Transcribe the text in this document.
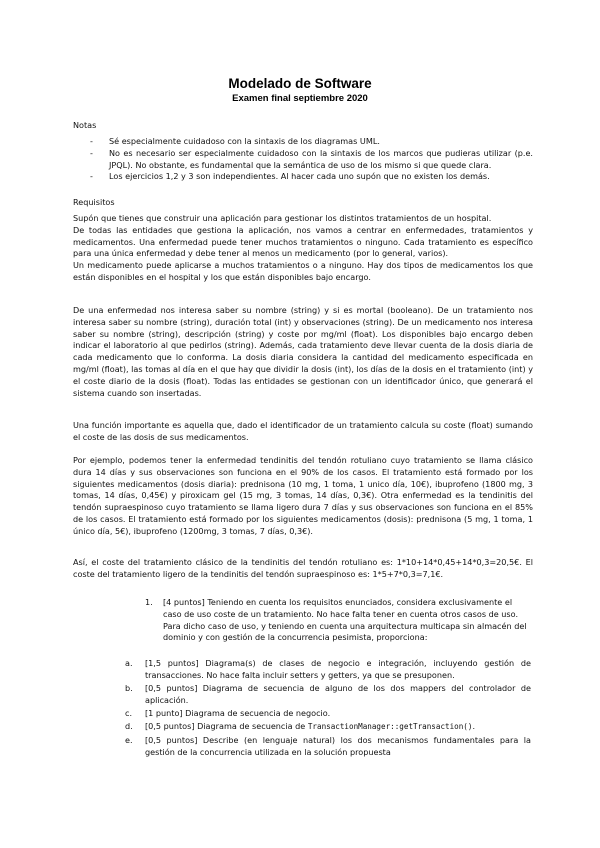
Modelado de Software
Examen final septiembre 2020
Notas
- Sé especialmente cuidadoso con la sintaxis de los diagramas UML.
- No es necesario ser especialmente cuidadoso con la sintaxis de los marcos que pudieras utilizar (p.e. JPQL). No obstante, es fundamental que la semántica de uso de los mismo si que quede clara.
- Los ejercicios 1,2 y 3 son independientes. Al hacer cada uno supón que no existen los demás.
Requisitos

Supón que tienes que construir una aplicación para gestionar los distintos tratamientos de un hospital.

De todas las entidades que gestiona la aplicación, nos vamos a centrar en enfermedades, tratamientos y medicamentos. Una enfermedad puede tener muchos tratamientos o ninguno. Cada tratamiento es específico para una única enfermedad y debe tener al menos un medicamento (por lo general, varios).

Un medicamento puede aplicarse a muchos tratamientos o a ninguno. Hay dos tipos de medicamentos los que están disponibles en el hospital y los que están disponibles bajo encargo.

De una enfermedad nos interesa saber su nombre (string) y si es mortal (booleano). De un tratamiento nos interesa saber su nombre (string), duración total (int) y observaciones (string). De un medicamento nos interesa saber su nombre (string), descripción (string) y coste por mg/ml (float). Los disponibles bajo encargo deben indicar el laboratorio al que pedirlos (string). Además, cada tratamiento deve llevar cuenta de la dosis diaria de cada medicamento que lo conforma. La dosis diaria considera la cantidad del medicamento especificada en mg/ml (float), las tomas al día en el que hay que dividir la dosis (int), los días de la dosis en el tratamiento (int) y el coste diario de la dosis (float). Todas las entidades se gestionan con un identificador único, que generará el sistema cuando son insertadas.

Una función importante es aquella que, dado el identificador de un tratamiento calcula su coste (float) sumando el coste de las dosis de sus medicamentos.

Por ejemplo, podemos tener la enfermedad tendinitis del tendón rotuliano cuyo tratamiento se llama clásico dura 14 días y sus observaciones son funciona en el 90% de los casos. El tratamiento está formado por los siguientes medicamentos (dosis diaria): prednisona (10 mg, 1 toma, 1 unico día, 10€), ibuprofeno (1800 mg, 3 tomas, 14 días, 0,45€) y piroxicam gel (15 mg, 3 tomas, 14 días, 0,3€). Otra enfermedad es la tendinitis del tendón supraespinoso cuyo tratamiento se llama ligero dura 7 días y sus observaciones son funciona en el 85% de los casos. El tratamiento está formado por los siguientes medicamentos (dosis): prednisona (5 mg, 1 toma, 1 único día, 5€), ibuprofeno (1200mg, 3 tomas, 7 días, 0,3€).

Así, el coste del tratamiento clásico de la tendinitis del tendón rotuliano es: 1*10+14*0,45+14*0,3=20,5€. El coste del tratamiento ligero de la tendinitis del tendón supraespinoso es: 1*5+7*0,3=7,1€.

1. [4 puntos] Teniendo en cuenta los requisitos enunciados, considera exclusivamente el caso de uso coste de un tratamiento. No hace falta tener en cuenta otros casos de uso.

Para dicho caso de uso, y teniendo en cuenta una arquitectura multicapa sin almacén del dominio y con gestión de la concurrencia pesimista, proporciona:

a. [1,5 puntos] Diagrama(s) de clases de negocio e integración, incluyendo gestión de transacciones. No hace falta incluir setters y getters, ya que se presuponen.
b. [0,5 puntos] Diagrama de secuencia de alguno de los dos mappers del controlador de aplicación.
c. [1 punto] Diagrama de secuencia de negocio.
d. [0,5 puntos] Diagrama de secuencia de TransactionManager::getTransaction().
e. [0,5 puntos] Describe (en lenguaje natural) los dos mecanismos fundamentales para la gestión de la concurrencia utilizada en la solución propuesta
